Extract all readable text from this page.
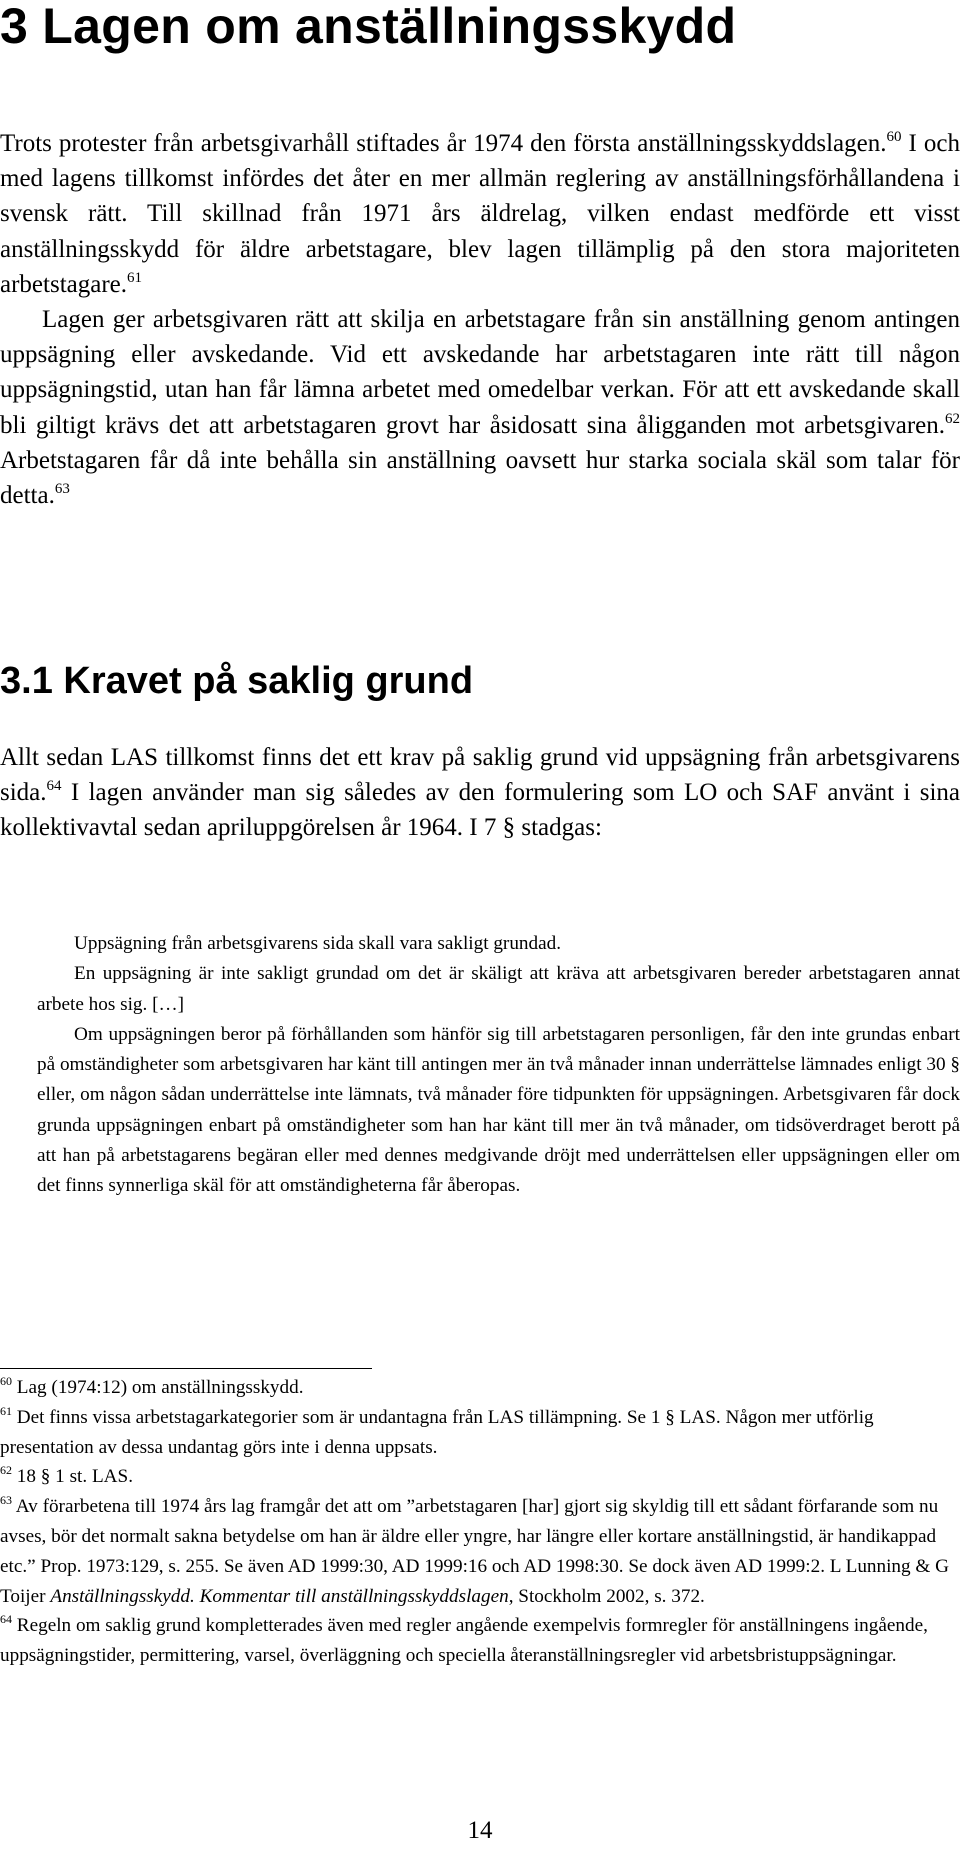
3 Lagen om anställningsskydd

Trots protester från arbetsgivarhåll stiftades år 1974 den första anställningsskyddslagen.$^{60}$ I och med lagens tillkomst infördes det åter en mer allmän reglering av anställningsförhållandena i svensk rätt. Till skillnad från 1971 års äldrelag, vilken endast medförde ett visst anställningsskydd för äldre arbetstagare, blev lagen tillämplig på den stora majoriteten arbetstagare.$^{61}$

Lagen ger arbetsgivaren rätt att skilja en arbetstagare från sin anställning genom antingen uppsägning eller avskedande. Vid ett avskedande har arbetstagaren inte rätt till någon uppsägningstid, utan han får lämna arbetet med omedelbar verkan. För att ett avskedande skall bli giltigt krävs det att arbetstagaren grovt har åsidosatt sina åligganden mot arbetsgivaren.$^{62}$ Arbetstagaren får då inte behålla sin anställning oavsett hur starka sociala skäl som talar för detta.$^{63}$

3.1 Kravet på saklig grund

Allt sedan LAS tillkomst finns det ett krav på saklig grund vid uppsägning från arbetsgivarens sida.$^{64}$ I lagen använder man sig således av den formulering som LO och SAF använt i sina kollektivavtal sedan apriluppgörelsen år 1964. I 7 § stadgas:

Uppsägning från arbetsgivarens sida skall vara sakligt grundad.

En uppsägning är inte sakligt grundad om det är skäligt att kräva att arbetsgivaren bereder arbetstagaren annat arbete hos sig. […]

Om uppsägningen beror på förhållanden som hänför sig till arbetstagaren personligen, får den inte grundas enbart på omständigheter som arbetsgivaren har känt till antingen mer än två månader innan underrättelse lämnades enligt 30 § eller, om någon sådan underrättelse inte lämnats, två månader före tidpunkten för uppsägningen. Arbetsgivaren får dock grunda uppsägningen enbart på omständigheter som han har känt till mer än två månader, om tidsöverdraget berott på att han på arbetstagarens begäran eller med dennes medgivande dröjt med underrättelsen eller uppsägningen eller om det finns synnerliga skäl för att omständigheterna får åberopas.

$^{60}$ Lag (1974:12) om anställningsskydd.

$^{61}$ Det finns vissa arbetstagarkategorier som är undantagna från LAS tillämpning. Se 1 § LAS. Någon mer utförlig presentation av dessa undantag görs inte i denna uppsats.

$^{62}$ 18 § 1 st. LAS.

$^{63}$ Av förarbetena till 1974 års lag framgår det att om ”arbetstagaren [har] gjort sig skyldig till ett sådant förfarande som nu avses, bör det normalt sakna betydelse om han är äldre eller yngre, har längre eller kortare anställningstid, är handikappad etc.” Prop. 1973:129, s. 255. Se även AD 1999:30, AD 1999:16 och AD 1998:30. Se dock även AD 1999:2. L Lunning & G Toijer Anställningsskydd. Kommentar till anställningsskyddslagen, Stockholm 2002, s. 372.

$^{64}$ Regeln om saklig grund kompletterades även med regler angående exempelvis formregler för anställningens ingående, uppsägningstider, permittering, varsel, överläggning och speciella återanställningsregler vid arbetsbristuppsägningar.

14
